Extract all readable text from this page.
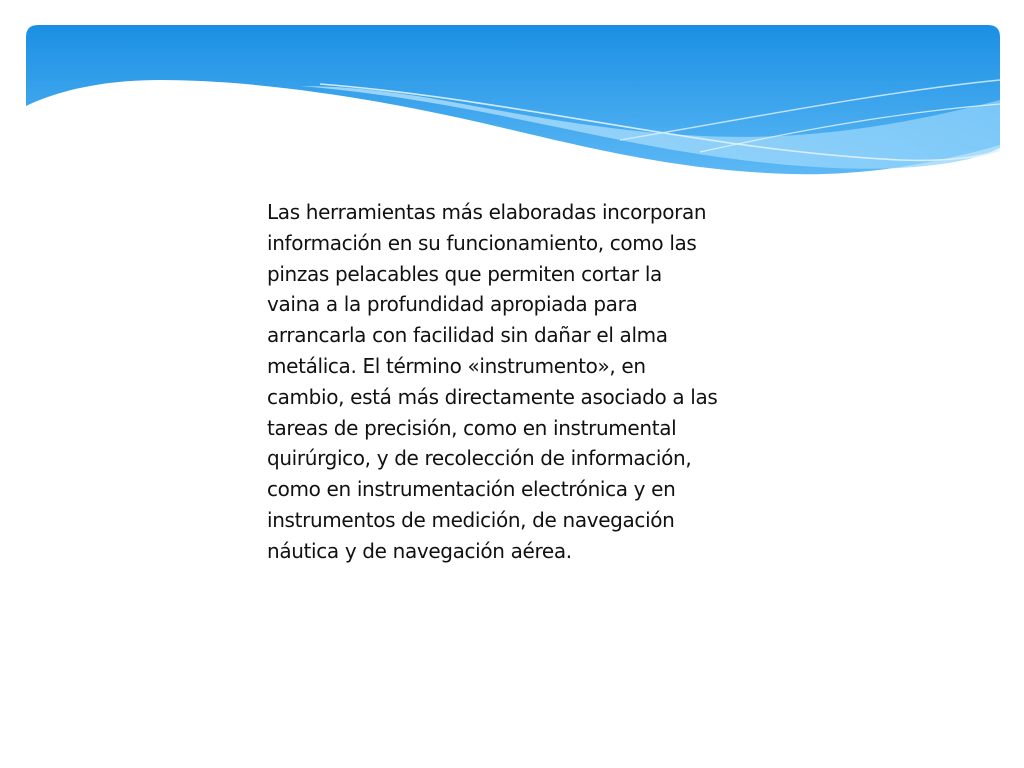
Las herramientas más elaboradas incorporan
información en su funcionamiento, como las
pinzas pelacables que permiten cortar la
vaina a la profundidad apropiada para
arrancarla con facilidad sin dañar el alma
metálica. El término «instrumento», en
cambio, está más directamente asociado a las
tareas de precisión, como en instrumental
quirúrgico, y de recolección de información,
como en instrumentación electrónica y en
instrumentos de medición, de navegación
náutica y de navegación aérea.
